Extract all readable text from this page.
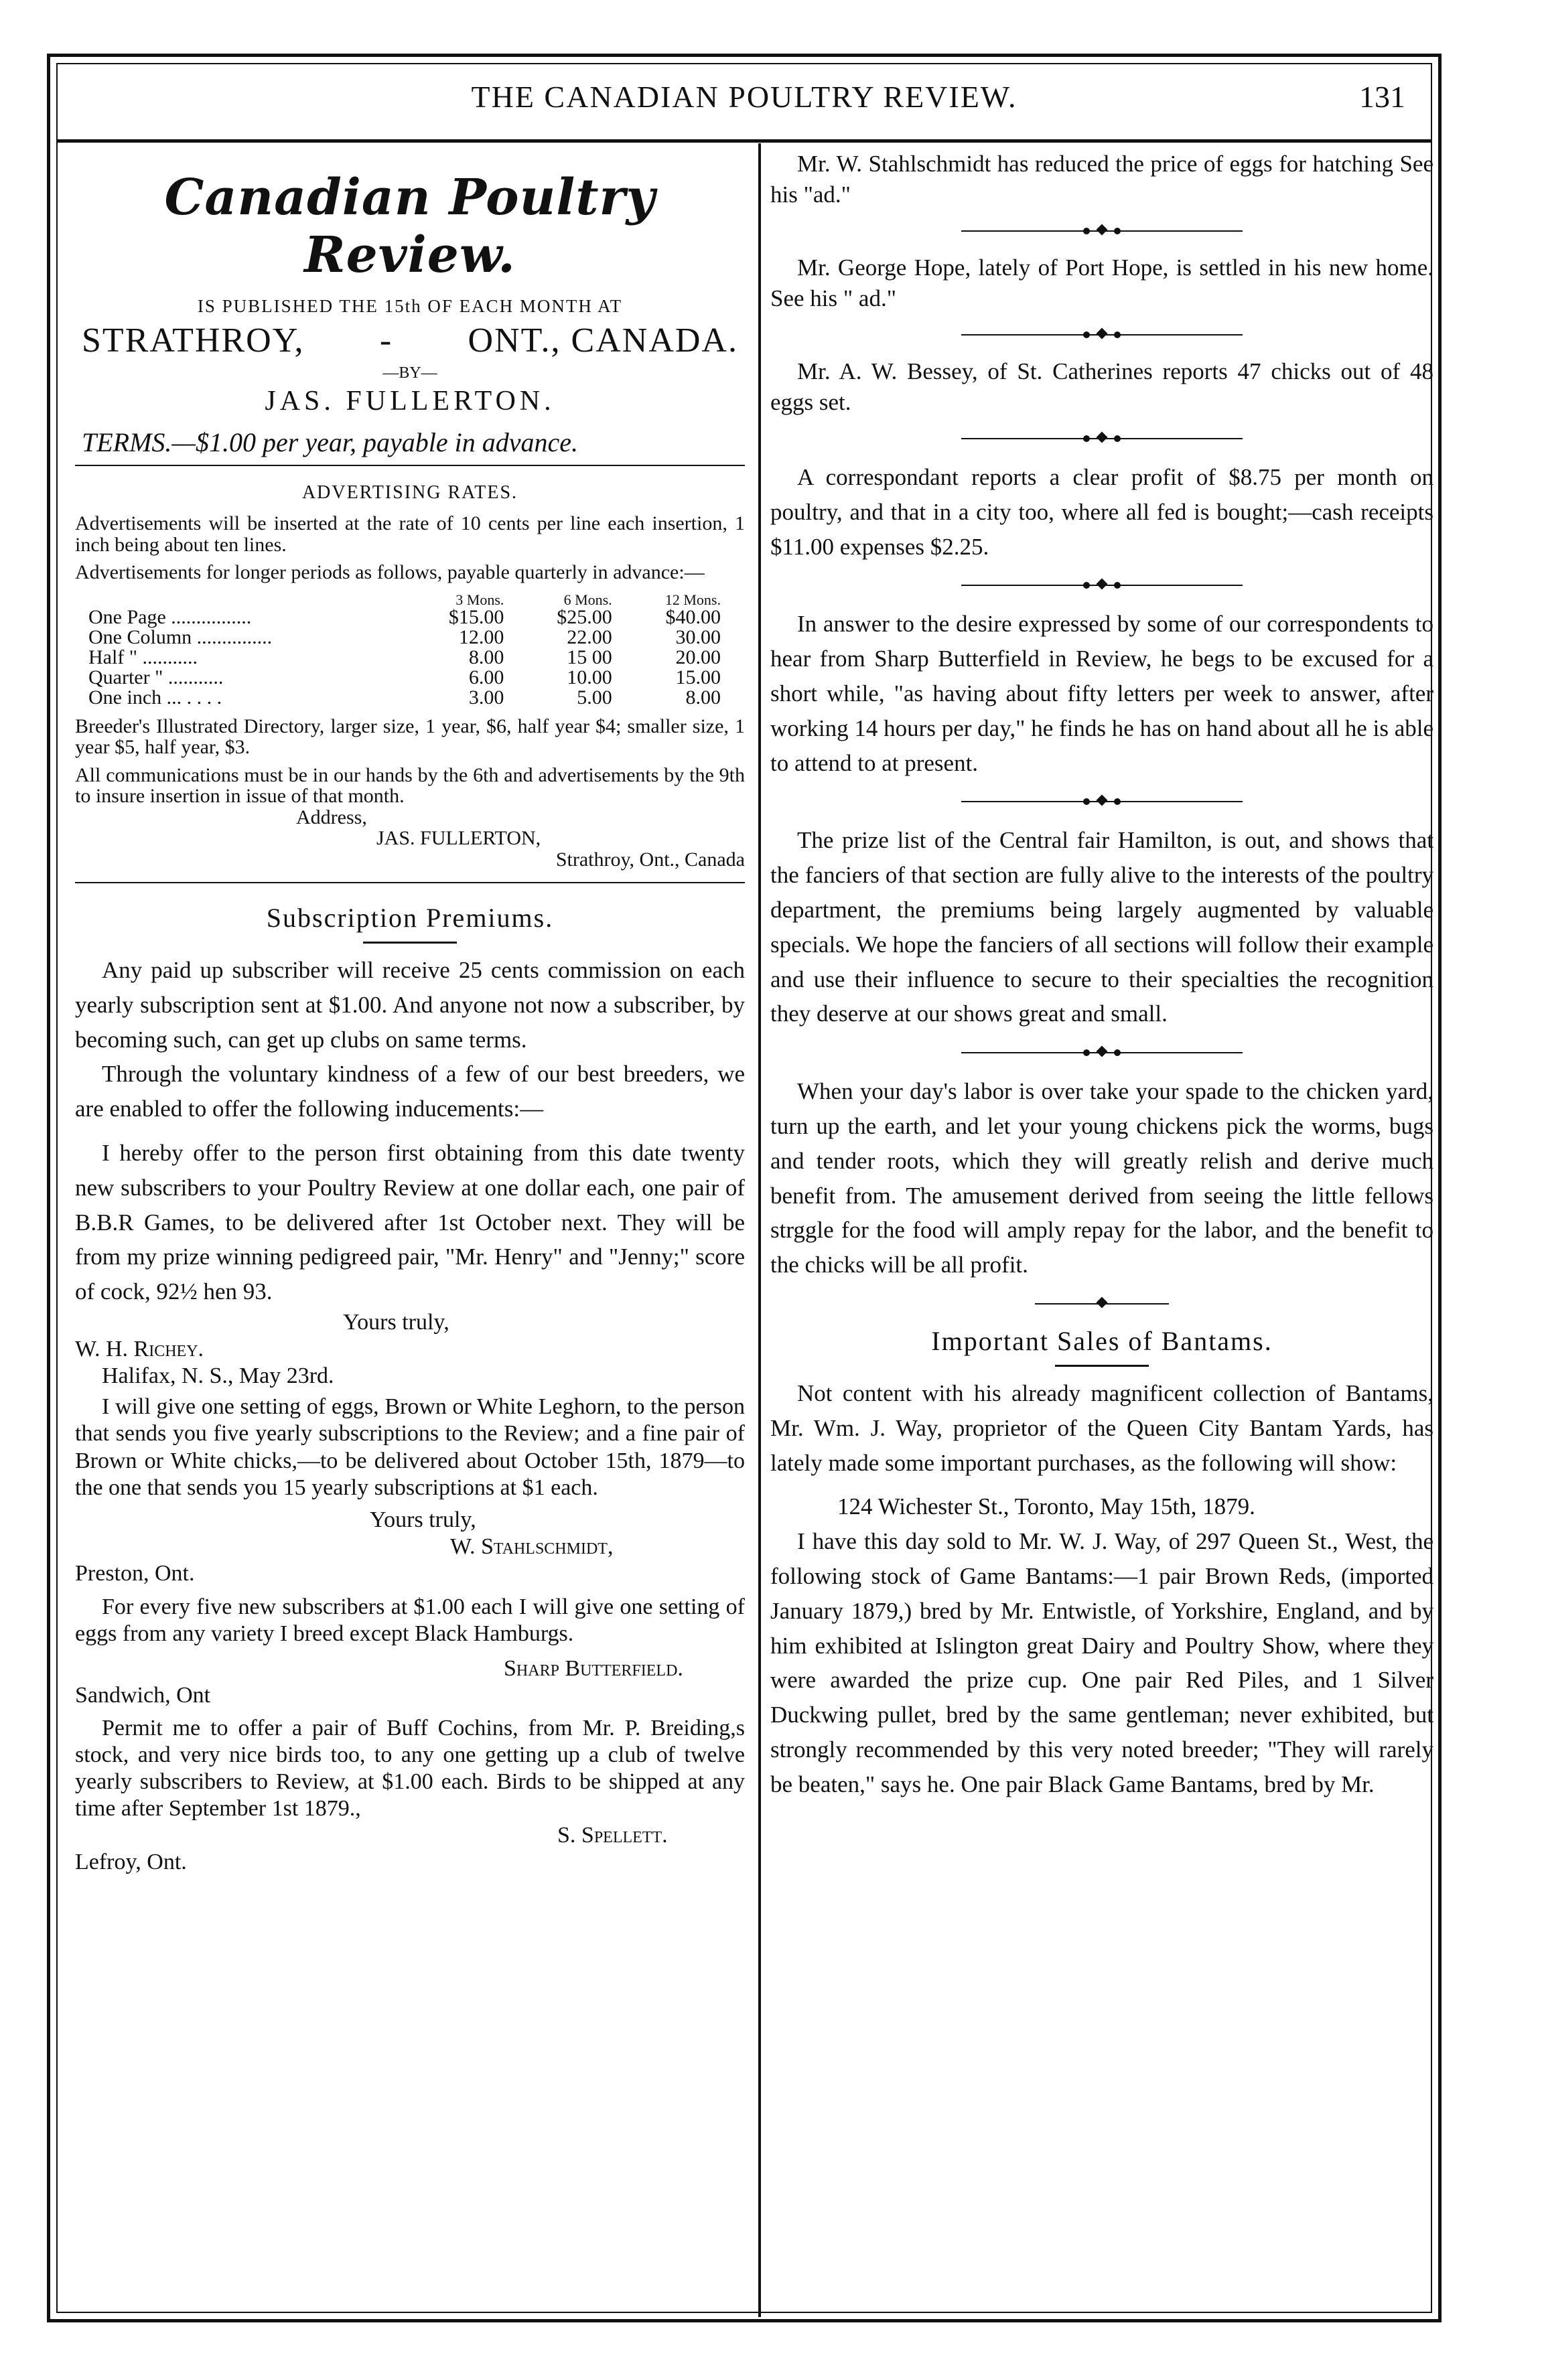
THE CANADIAN POULTRY REVIEW.	131
Canadian Poultry Review.
IS PUBLISHED THE 15th OF EACH MONTH AT
STRATHROY, - ONT., CANADA.
—BY—
JAS. FULLERTON.
TERMS.—$1.00 per year, payable in advance.
ADVERTISING RATES.

Advertisements will be inserted at the rate of 10 cents per line each insertion, 1 inch being about ten lines.

Advertisements for longer periods as follows, payable quarterly in advance:—

	3 Mons.	6 Mons.	12 Mons.
One Page ................	$15.00	$25.00	$40.00
One Column ...............	12.00	22.00	30.00
Half " ...........	8.00	15 00	20.00
Quarter " ...........	6.00	10.00	15.00
One inch ... . . . .	3.00	5.00	8.00

Breeder's Illustrated Directory, larger size, 1 year, $6, half year $4; smaller size, 1 year $5, half year, $3.

All communications must be in our hands by the 6th and advertisements by the 9th to insure insertion in issue of that month.

Address,

JAS. FULLERTON,

Strathroy, Ont., Canada

Subscription Premiums.

Any paid up subscriber will receive 25 cents commission on each yearly subscription sent at $1.00. And anyone not now a subscriber, by becoming such, can get up clubs on same terms.

Through the voluntary kindness of a few of our best breeders, we are enabled to offer the following inducements:—

I hereby offer to the person first obtaining from this date twenty new subscribers to your Poultry Review at one dollar each, one pair of B.B.R Games, to be delivered after 1st October next. They will be from my prize winning pedigreed pair, "Mr. Henry" and "Jenny;" score of cock, 92½ hen 93.

Yours truly,

W. H. Richey.

Halifax, N. S., May 23rd.

I will give one setting of eggs, Brown or White Leghorn, to the person that sends you five yearly subscriptions to the Review; and a fine pair of Brown or White chicks,—to be delivered about October 15th, 1879—to the one that sends you 15 yearly subscriptions at $1 each.

Yours truly,

W. Stahlschmidt,

Preston, Ont.

For every five new subscribers at $1.00 each I will give one setting of eggs from any variety I breed except Black Hamburgs.

Sharp Butterfield.

Sandwich, Ont

Permit me to offer a pair of Buff Cochins, from Mr. P. Breiding,s stock, and very nice birds too, to any one getting up a club of twelve yearly subscribers to Review, at $1.00 each. Birds to be shipped at any time after September 1st 1879.,

S. Spellett.

Lefroy, Ont.

Mr. W. Stahlschmidt has reduced the price of eggs for hatching See his "ad."

Mr. George Hope, lately of Port Hope, is settled in his new home. See his " ad."

Mr. A. W. Bessey, of St. Catherines reports 47 chicks out of 48 eggs set.

A correspondant reports a clear profit of $8.75 per month on poultry, and that in a city too, where all fed is bought;—cash receipts $11.00 expenses $2.25.

In answer to the desire expressed by some of our correspondents to hear from Sharp Butterfield in Review, he begs to be excused for a short while, "as having about fifty letters per week to answer, after working 14 hours per day," he finds he has on hand about all he is able to attend to at present.

The prize list of the Central fair Hamilton, is out, and shows that the fanciers of that section are fully alive to the interests of the poultry department, the premiums being largely augmented by valuable specials. We hope the fanciers of all sections will follow their example and use their influence to secure to their specialties the recognition they deserve at our shows great and small.

When your day's labor is over take your spade to the chicken yard, turn up the earth, and let your young chickens pick the worms, bugs and tender roots, which they will greatly relish and derive much benefit from. The amusement derived from seeing the little fellows strggle for the food will amply repay for the labor, and the benefit to the chicks will be all profit.

Important Sales of Bantams.

Not content with his already magnificent collection of Bantams, Mr. Wm. J. Way, proprietor of the Queen City Bantam Yards, has lately made some important purchases, as the following will show:

124 Wichester St., Toronto, May 15th, 1879.

I have this day sold to Mr. W. J. Way, of 297 Queen St., West, the following stock of Game Bantams:—1 pair Brown Reds, (imported January 1879,) bred by Mr. Entwistle, of Yorkshire, England, and by him exhibited at Islington great Dairy and Poultry Show, where they were awarded the prize cup. One pair Red Piles, and 1 Silver Duckwing pullet, bred by the same gentleman; never exhibited, but strongly recommended by this very noted breeder; "They will rarely be beaten," says he. One pair Black Game Bantams, bred by Mr.
